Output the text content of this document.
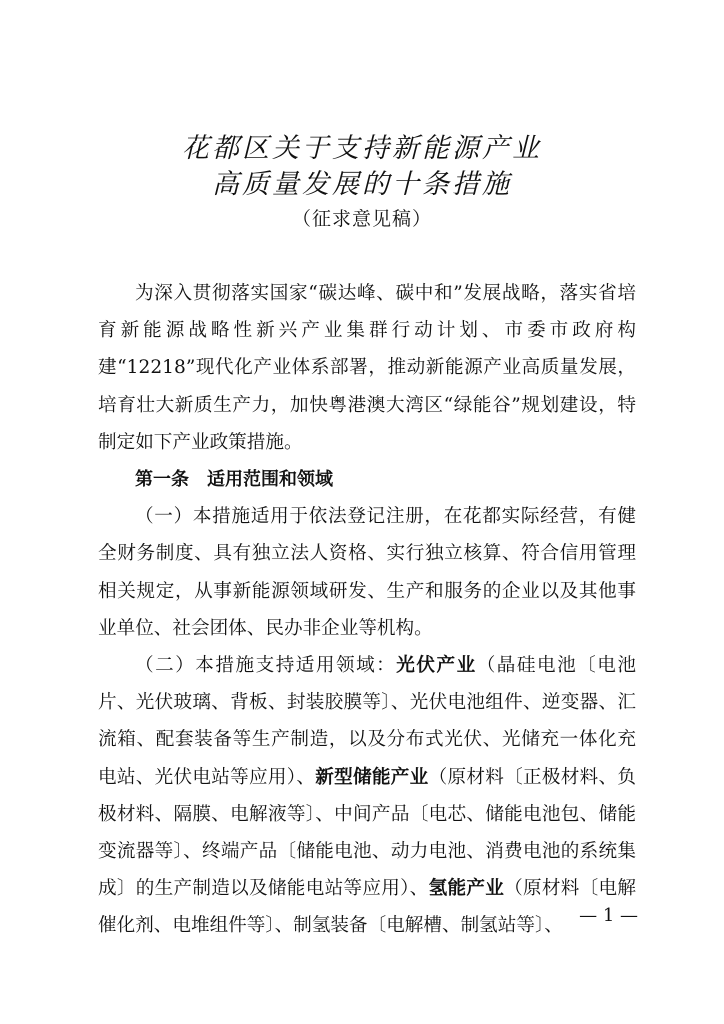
花都区关于支持新能源产业
高质量发展的十条措施
（征求意见稿）

为深入贯彻落实国家“碳达峰、碳中和”发展战略，落实省培育新能源战略性新兴产业集群行动计划、市委市政府构建“12218”现代化产业体系部署，推动新能源产业高质量发展，培育壮大新质生产力，加快粤港澳大湾区“绿能谷”规划建设，特制定如下产业政策措施。

第一条 适用范围和领域

（一）本措施适用于依法登记注册，在花都实际经营，有健全财务制度、具有独立法人资格、实行独立核算、符合信用管理相关规定，从事新能源领域研发、生产和服务的企业以及其他事业单位、社会团体、民办非企业等机构。

（二）本措施支持适用领域：光伏产业（晶硅电池〔电池片、光伏玻璃、背板、封装胶膜等〕、光伏电池组件、逆变器、汇流箱、配套装备等生产制造，以及分布式光伏、光储充一体化充电站、光伏电站等应用）、新型储能产业（原材料〔正极材料、负极材料、隔膜、电解液等〕、中间产品〔电芯、储能电池包、储能变流器等〕、终端产品〔储能电池、动力电池、消费电池的系统集成〕的生产制造以及储能电站等应用）、氢能产业（原材料〔电解催化剂、电堆组件等〕、制氢装备〔电解槽、制氢站等〕、 — 1 —
